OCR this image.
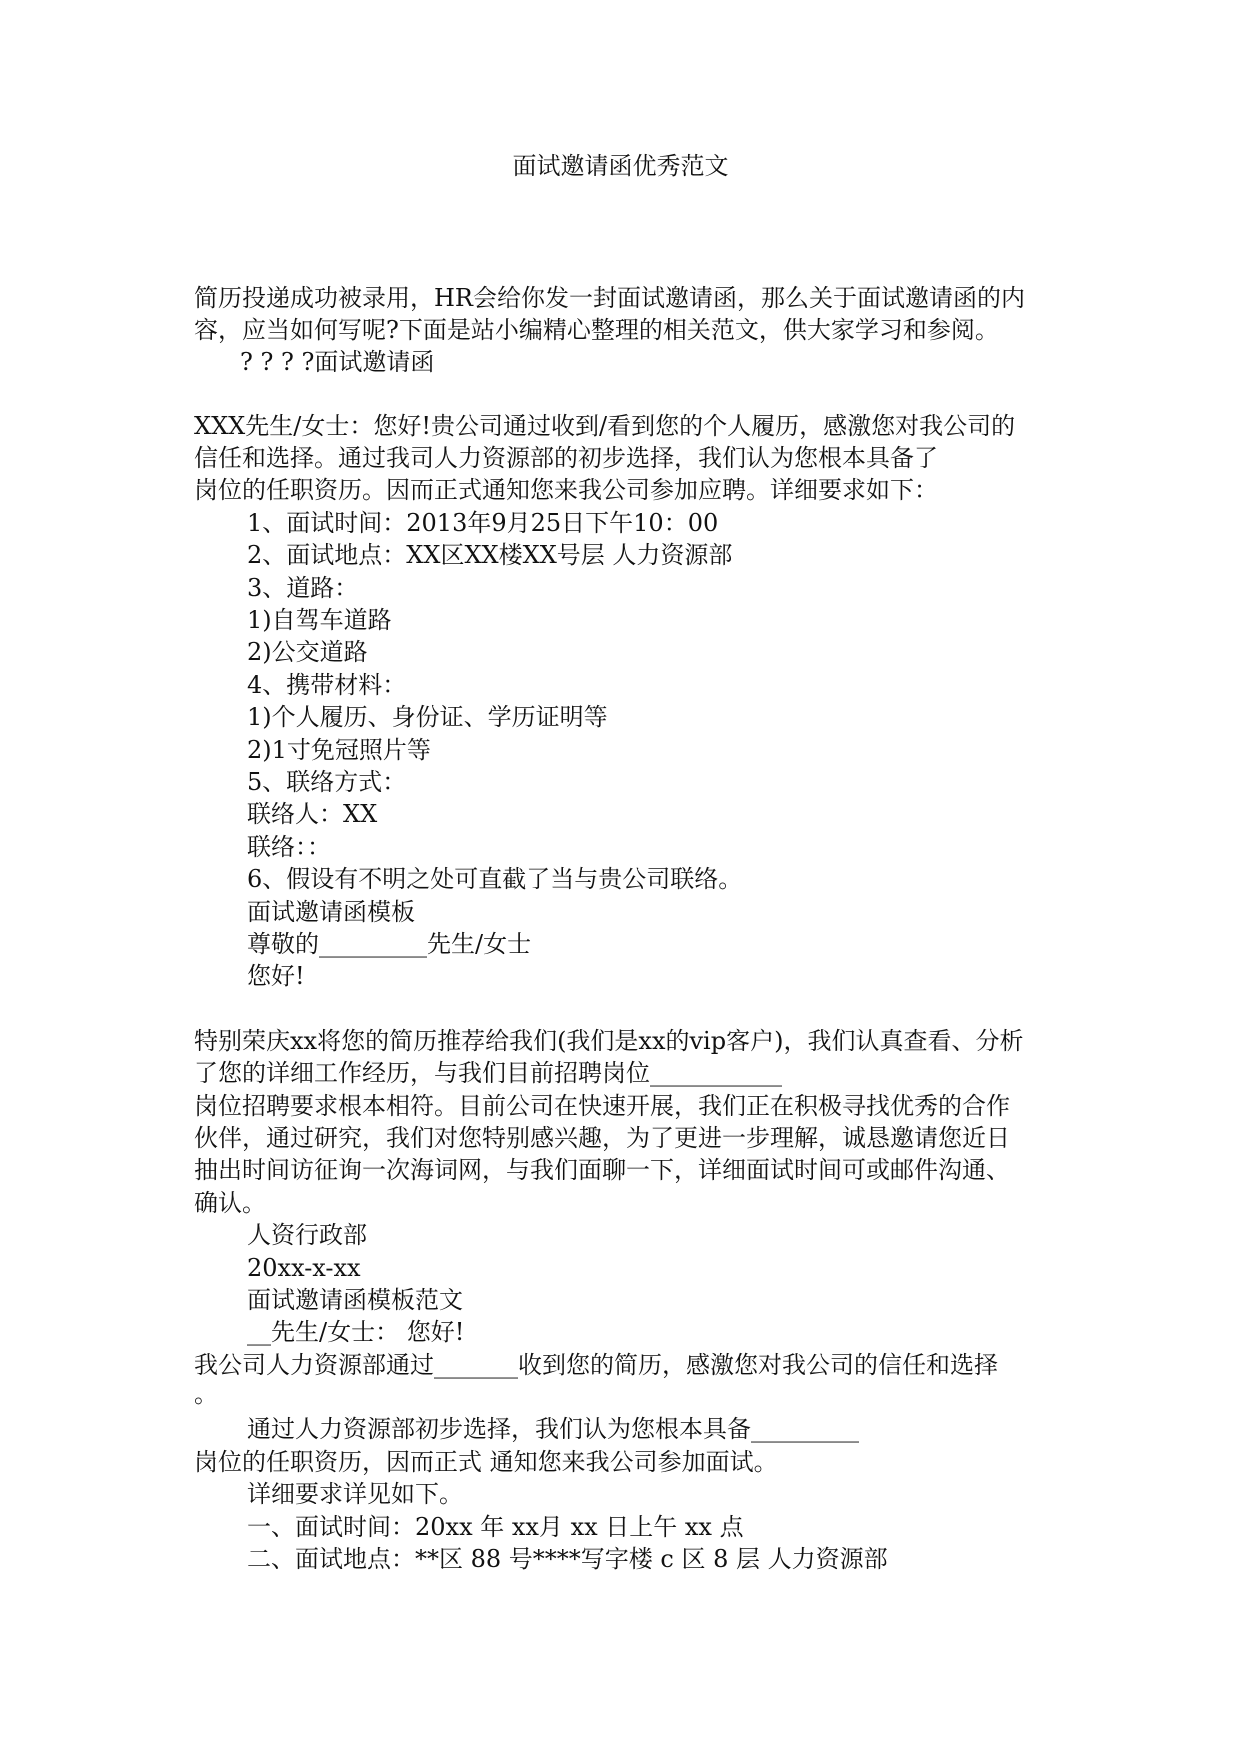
面试邀请函优秀范文
简历投递成功被录用，HR会给你发一封面试邀请函，那么关于面试邀请函的内
容，应当如何写呢?下面是站小编精心整理的相关范文，供大家学习和参阅。
? ? ? ?面试邀请函
XXX先生/女士：您好!贵公司通过收到/看到您的个人履历，感激您对我公司的
信任和选择。通过我司人力资源部的初步选择，我们认为您根本具备了
岗位的任职资历。因而正式通知您来我公司参加应聘。详细要求如下：
1、面试时间：2013年9月25日下午10：00
2、面试地点：XX区XX楼XX号层 人力资源部
3、道路：
1)自驾车道路
2)公交道路
4、携带材料：
1)个人履历、身份证、学历证明等
2)1寸免冠照片等
5、联络方式：
联络人：XX
联络：：
6、假设有不明之处可直截了当与贵公司联络。
面试邀请函模板
尊敬的_________先生/女士
您好!
特别荣庆xx将您的简历推荐给我们(我们是xx的vip客户)，我们认真查看、分析
了您的详细工作经历，与我们目前招聘岗位___________
岗位招聘要求根本相符。目前公司在快速开展，我们正在积极寻找优秀的合作
伙伴，通过研究，我们对您特别感兴趣，为了更进一步理解，诚恳邀请您近日
抽出时间访征询一次海词网，与我们面聊一下，详细面试时间可或邮件沟通、
确认。
人资行政部
20xx-x-xx
面试邀请函模板范文
__先生/女士： 您好!
我公司人力资源部通过_______收到您的简历，感激您对我公司的信任和选择
。
通过人力资源部初步选择，我们认为您根本具备_________
岗位的任职资历，因而正式 通知您来我公司参加面试。
详细要求详见如下。
一、面试时间：20xx 年 xx月 xx 日上午 xx 点
二、面试地点：**区 88 号****写字楼 c 区 8 层 人力资源部
